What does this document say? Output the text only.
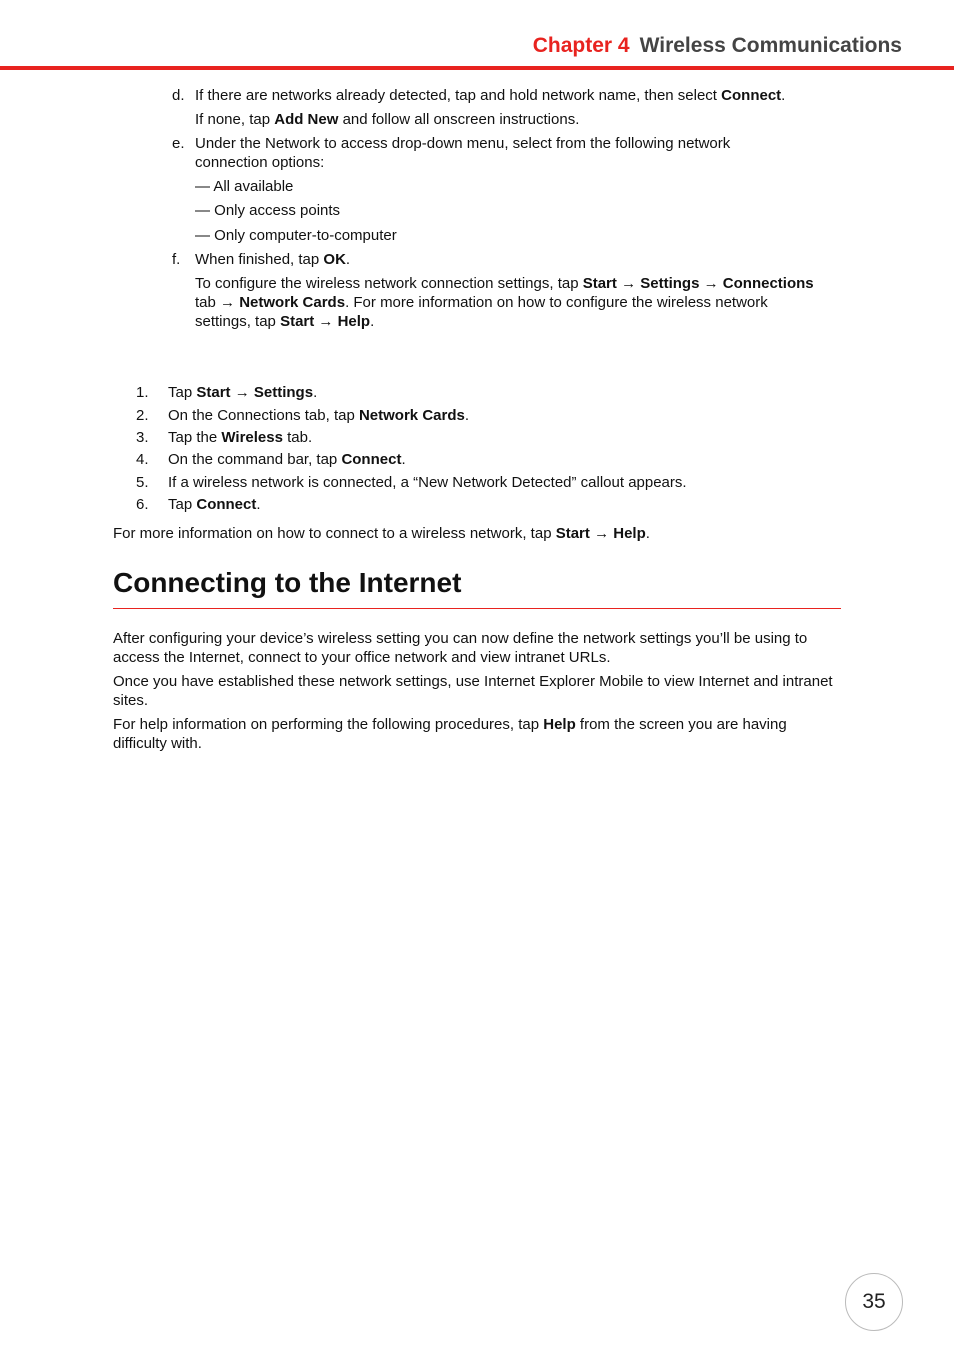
Chapter 4 Wireless Communications
d. If there are networks already detected, tap and hold network name, then select Connect.
If none, tap Add New and follow all onscreen instructions.
e. Under the Network to access drop-down menu, select from the following network connection options:
— All available
— Only access points
— Only computer-to-computer
f. When finished, tap OK.
To configure the wireless network connection settings, tap Start → Settings → Connections tab → Network Cards. For more information on how to configure the wireless network settings, tap Start → Help.
1. Tap Start → Settings.
2. On the Connections tab, tap Network Cards.
3. Tap the Wireless tab.
4. On the command bar, tap Connect.
5. If a wireless network is connected, a “New Network Detected” callout appears.
6. Tap Connect.
For more information on how to connect to a wireless network, tap Start → Help.
Connecting to the Internet
After configuring your device’s wireless setting you can now define the network settings you’ll be using to access the Internet, connect to your office network and view intranet URLs.
Once you have established these network settings, use Internet Explorer Mobile to view Internet and intranet sites.
For help information on performing the following procedures, tap Help from the screen you are having difficulty with.
35
